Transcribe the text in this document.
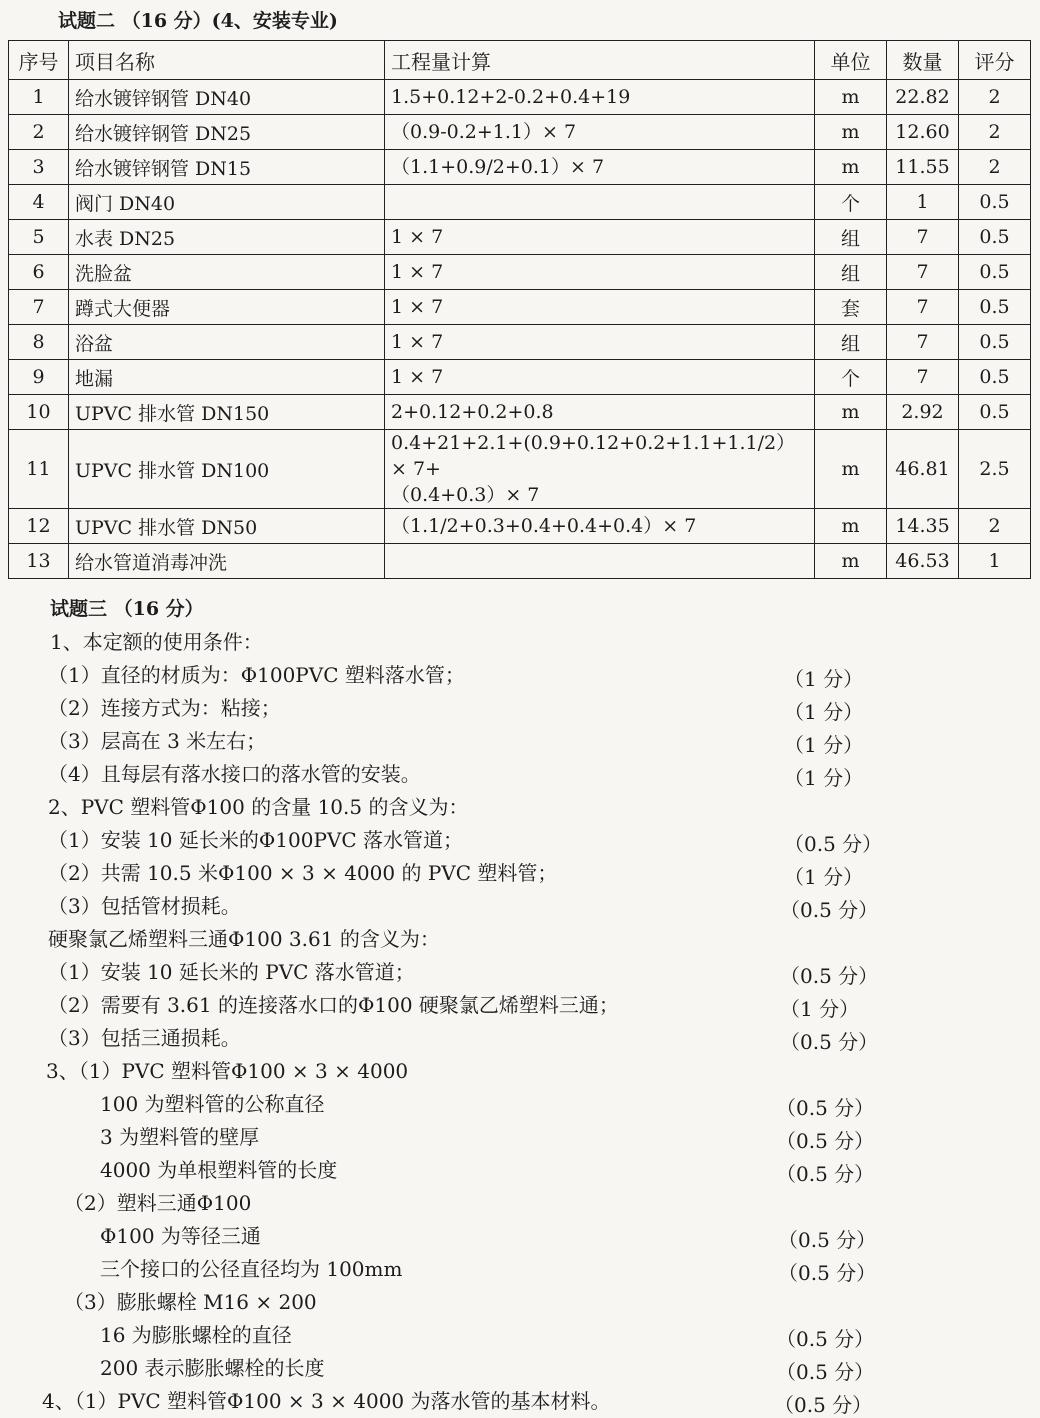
试题二 （16 分）(4、安装专业)
序号	项目名称	工程量计算	单位	数量	评分
1	给水镀锌钢管 DN40	1.5+0.12+2-0.2+0.4+19	m	22.82	2
2	给水镀锌钢管 DN25	（0.9-0.2+1.1）× 7	m	12.60	2
3	给水镀锌钢管 DN15	（1.1+0.9/2+0.1）× 7	m	11.55	2
4	阀门 DN40		个	1	0.5
5	水表 DN25	1 × 7	组	7	0.5
6	洗脸盆	1 × 7	组	7	0.5
7	蹲式大便器	1 × 7	套	7	0.5
8	浴盆	1 × 7	组	7	0.5
9	地漏	1 × 7	个	7	0.5
10	UPVC 排水管 DN150	2+0.12+0.2+0.8	m	2.92	0.5
11	UPVC 排水管 DN100	0.4+21+2.1+(0.9+0.12+0.2+1.1+1.1/2）× 7+
（0.4+0.3）× 7	m	46.81	2.5
12	UPVC 排水管 DN50	（1.1/2+0.3+0.4+0.4+0.4）× 7	m	14.35	2
13	给水管道消毒冲洗		m	46.53	1
试题三 （16 分）
1、本定额的使用条件：
（1）直径的材质为：Φ100PVC 塑料落水管；	（1 分）
（2）连接方式为：粘接；	（1 分）
（3）层高在 3 米左右；	（1 分）
（4）且每层有落水接口的落水管的安装。	（1 分）
2、PVC 塑料管Φ100 的含量 10.5 的含义为：
（1）安装 10 延长米的Φ100PVC 落水管道；	（0.5 分）
（2）共需 10.5 米Φ100 × 3 × 4000 的 PVC 塑料管；	（1 分）
（3）包括管材损耗。	（0.5 分）
硬聚氯乙烯塑料三通Φ100 3.61 的含义为：
（1）安装 10 延长米的 PVC 落水管道；	（0.5 分）
（2）需要有 3.61 的连接落水口的Φ100 硬聚氯乙烯塑料三通；	（1 分）
（3）包括三通损耗。	（0.5 分）
3、（1）PVC 塑料管Φ100 × 3 × 4000
100 为塑料管的公称直径	（0.5 分）
3 为塑料管的壁厚	（0.5 分）
4000 为单根塑料管的长度	（0.5 分）
（2）塑料三通Φ100
Φ100 为等径三通	（0.5 分）
三个接口的公径直径均为 100mm	（0.5 分）
（3）膨胀螺栓 M16 × 200
16 为膨胀螺栓的直径	（0.5 分）
200 表示膨胀螺栓的长度	（0.5 分）
4、（1）PVC 塑料管Φ100 × 3 × 4000 为落水管的基本材料。	（0.5 分）
